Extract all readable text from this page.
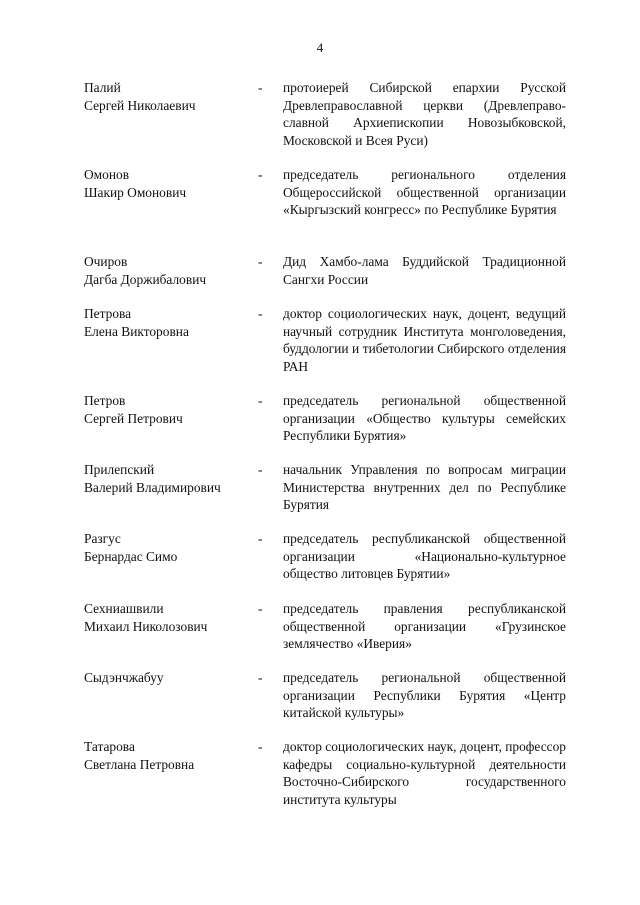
4
Палий
Сергей Николаевич
- протоиерей Сибирской епархии Русской Древлеправославной церкви (Древлеправославной Архиепископии Новозыбковской, Московской и Всея Руси)
Омонов
Шакир Омонович
- председатель регионального отделения Общероссийской общественной организации «Кыргызский конгресс» по Республике Бурятия
Очиров
Дагба Доржибалович
- Дид Хамбо-лама Буддийской Традиционной Сангхи России
Петрова
Елена Викторовна
- доктор социологических наук, доцент, ведущий научный сотрудник Института монголоведения, буддологии и тибетологии Сибирского отделения РАН
Петров
Сергей Петрович
- председатель региональной общественной организации «Общество культуры семейских Республики Бурятия»
Прилепский
Валерий Владимирович
- начальник Управления по вопросам миграции Министерства внутренних дел по Республике Бурятия
Разгус
Бернардас Симо
- председатель республиканской общественной организации «Национально-культурное общество литовцев Бурятии»
Сехниашвили
Михаил Николозович
- председатель правления республиканской общественной организации «Грузинское землячество «Иверия»
Сыдэнчжабуу	- председатель региональной общественной организации Республики Бурятия «Центр китайской культуры»
Татарова
Светлана Петровна
- доктор социологических наук, доцент, профессор кафедры социально-культурной деятельности Восточно-Сибирского государственного института культуры
